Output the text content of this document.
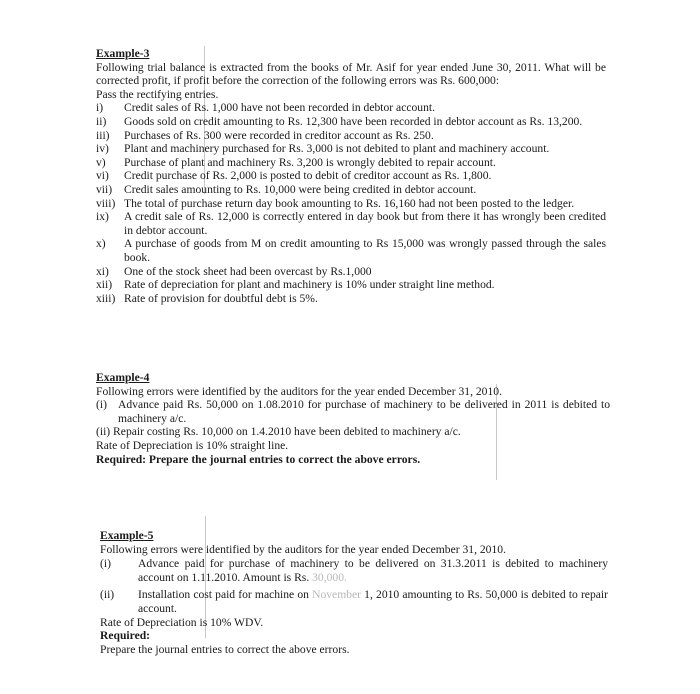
Example-3

Following trial balance is extracted from the books of Mr. Asif for year ended June 30, 2011. What will be corrected profit, if profit before the correction of the following errors was Rs. 600,000:

Pass the rectifying entries.

i)	Credit sales of Rs. 1,000 have not been recorded in debtor account.
ii)	Goods sold on credit amounting to Rs. 12,300 have been recorded in debtor account as Rs. 13,200.
iii)	Purchases of Rs. 300 were recorded in creditor account as Rs. 250.
iv)	Plant and machinery purchased for Rs. 3,000 is not debited to plant and machinery account.
v)	Purchase of plant and machinery Rs. 3,200 is wrongly debited to repair account.
vi)	Credit purchase of Rs. 2,000 is posted to debit of creditor account as Rs. 1,800.
vii)	Credit sales amounting to Rs. 10,000 were being credited in debtor account.
viii) The total of purchase return day book amounting to Rs. 16,160 had not been posted to the ledger.
ix)	A credit sale of Rs. 12,000 is correctly entered in day book but from there it has wrongly been credited in debtor account.
x)	A purchase of goods from M on credit amounting to Rs 15,000 was wrongly passed through the sales book.
xi)	One of the stock sheet had been overcast by Rs.1,000
xii)	Rate of depreciation for plant and machinery is 10% under straight line method.
xiii) Rate of provision for doubtful debt is 5%.

Example-4

Following errors were identified by the auditors for the year ended December 31, 2010.

(i) Advance paid Rs. 50,000 on 1.08.2010 for purchase of machinery to be delivered in 2011 is debited to machinery a/c.

(ii) Repair costing Rs. 10,000 on 1.4.2010 have been debited to machinery a/c.

Rate of Depreciation is 10% straight line.

Required: Prepare the journal entries to correct the above errors.

Example-5

Following errors were identified by the auditors for the year ended December 31, 2010.

(i)	Advance paid for purchase of machinery to be delivered on 31.3.2011 is debited to machinery account on 1.11.2010. Amount is Rs. 30,000.
(ii)	Installation cost paid for machine on November 1, 2010 amounting to Rs. 50,000 is debited to repair account.

Rate of Depreciation is 10% WDV.

Required:

Prepare the journal entries to correct the above errors.
